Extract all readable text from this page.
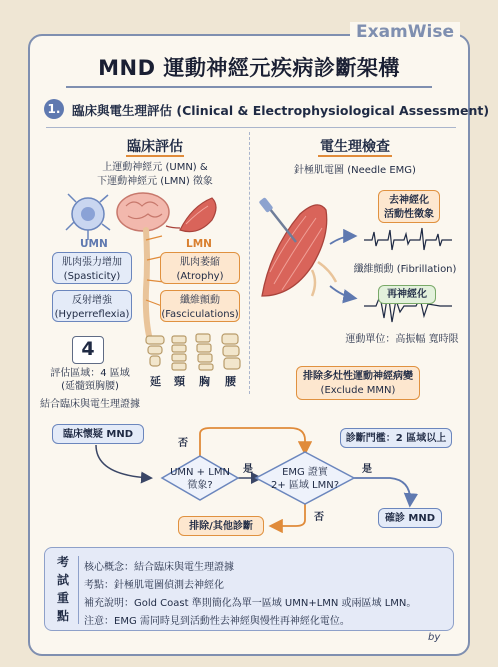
ExamWise
MND 運動神經元疾病診斷架構
1. 臨床與電生理評估 (Clinical & Electrophysiological Assessment)
臨床評估
上運動神經元 (UMN) &
下運動神經元 (LMN) 徵象
UMN	LMN
肌肉張力增加
(Spasticity)
反射增強
(Hyperreflexia)
肌肉萎縮
(Atrophy)
纖維顫動
(Fasciculations)
4
評估區域：4 區域
(延髓頸胸腰)	延 頸 胸 腰
結合臨床與電生理證據
電生理檢查
針極肌電圖 (Needle EMG)
去神經化
活動性徵象
纖維顫動 (Fibrillation)
再神經化
運動單位：高振幅 寬時限
排除多灶性運動神經病變
(Exclude MMN)
臨床懷疑 MND
UMN + LMN
徵象?
EMG 證實
2+ 區域 LMN?
是	是
否
否
診斷門檻：2 區域以上
排除/其他診斷
確診 MND
考
試
重
點
核心概念：結合臨床與電生理證據
考點：針極肌電圖偵測去神經化
補充說明：Gold Coast 準則簡化為單一區域 UMN+LMN 或兩區域 LMN。
注意：EMG 需同時見到活動性去神經與慢性再神經化電位。
by
